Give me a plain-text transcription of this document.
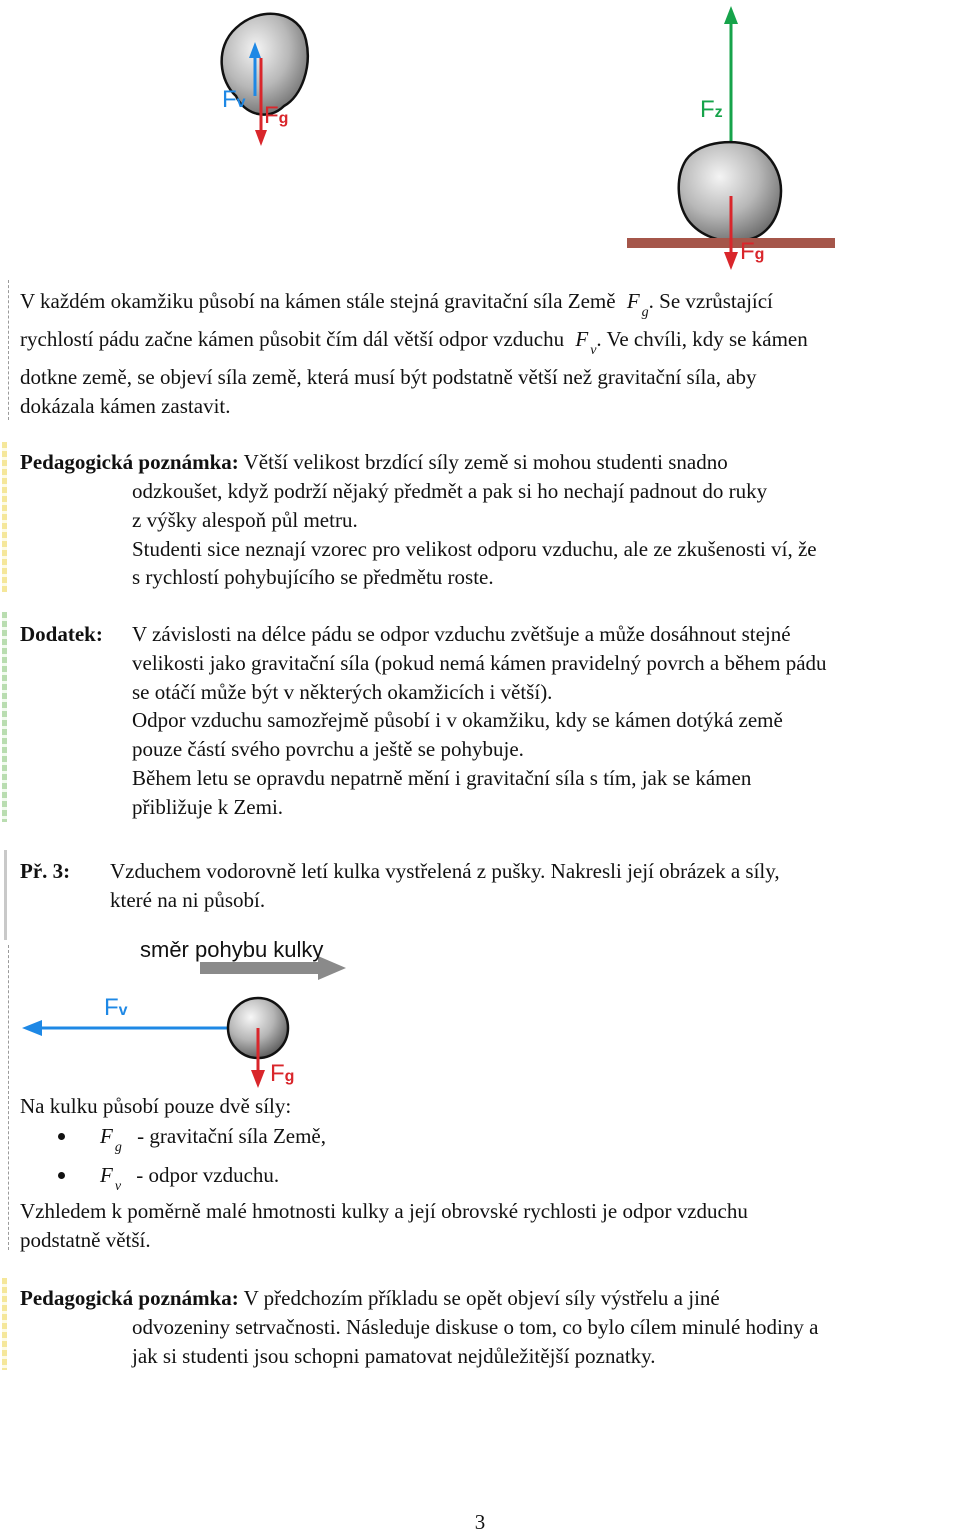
Fv Fg	Fz
Fg
V každém okamžiku působí na kámen stále stejná gravitační síla Země F $_g$. Se vzrůstající
rychlostí pádu začne kámen působit čím dál větší odpor vzduchu F $_v$. Ve chvíli, kdy se kámen
dotkne země, se objeví síla země, která musí být podstatně větší než gravitační síla, aby
dokázala kámen zastavit.
Pedagogická poznámka: Větší velikost brzdící síly země si mohou studenti snadno
odzkoušet, když podrží nějaký předmět a pak si ho nechají padnout do ruky
z výšky alespoň půl metru.
Studenti sice neznají vzorec pro velikost odporu vzduchu, ale ze zkušenosti ví, že
s rychlostí pohybujícího se předmětu roste.
Dodatek: V závislosti na délce pádu se odpor vzduchu zvětšuje a může dosáhnout stejné
velikosti jako gravitační síla (pokud nemá kámen pravidelný povrch a během pádu
se otáčí může být v některých okamžicích i větší).
Odpor vzduchu samozřejmě působí i v okamžiku, kdy se kámen dotýká země
pouze částí svého povrchu a ještě se pohybuje.
Během letu se opravdu nepatrně mění i gravitační síla s tím, jak se kámen
přibližuje k Zemi.
Př. 3: Vzduchem vodorovně letí kulka vystřelená z pušky. Nakresli její obrázek a síly,
které na ni působí.
směr pohybu kulky
Fv
Fg
Na kulku působí pouze dvě síly:
F $_g$ - gravitační síla Země,
F $_v$ - odpor vzduchu.
Vzhledem k poměrně malé hmotnosti kulky a její obrovské rychlosti je odpor vzduchu
podstatně větší.
Pedagogická poznámka: V předchozím příkladu se opět objeví síly výstřelu a jiné
odvozeniny setrvačnosti. Následuje diskuse o tom, co bylo cílem minulé hodiny a
jak si studenti jsou schopni pamatovat nejdůležitější poznatky.
3
